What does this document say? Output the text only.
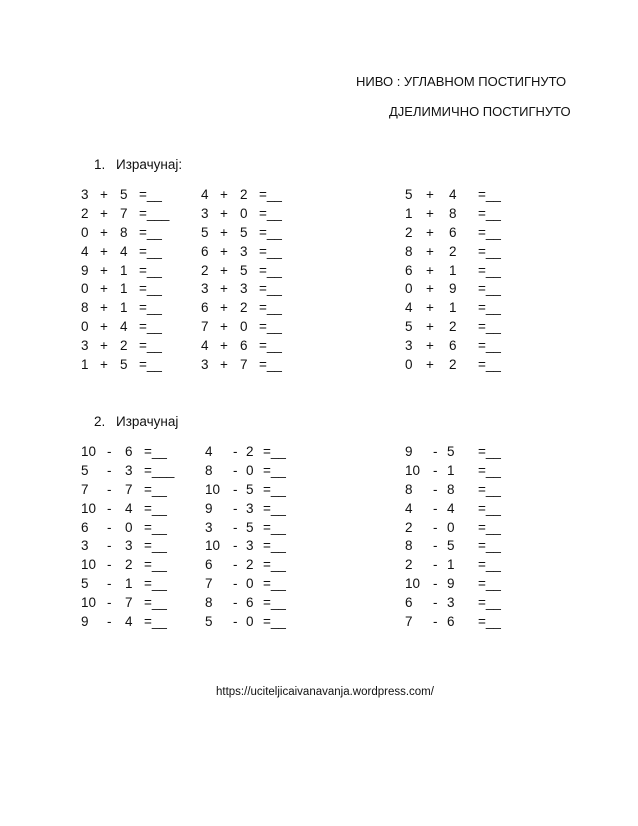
НИВО : УГЛАВНОМ ПОСТИГНУТО
ДЈЕЛИМИЧНО ПОСТИГНУТО
1. Израчунај:
3 + 5 =__
2 + 7 =___
0 + 8 =__
4 + 4 =__
9 + 1 =__
0 + 1 =__
8 + 1 =__
0 + 4 =__
3 + 2 =__
1 + 5 =__
4 + 2 =__
3 + 0 =__
5 + 5 =__
6 + 3 =__
2 + 5 =__
3 + 3 =__
6 + 2 =__
7 + 0 =__
4 + 6 =__
3 + 7 =__
5 + 4 =__
1 + 8 =__
2 + 6 =__
8 + 2 =__
6 + 1 =__
0 + 9 =__
4 + 1 =__
5 + 2 =__
3 + 6 =__
0 + 2 =__
2. Израчунај
10 - 6 =__
5 - 3 =___
7 - 7 =__
10 - 4 =__
6 - 0 =__
3 - 3 =__
10 - 2 =__
5 - 1 =__
10 - 7 =__
9 - 4 =__
4 - 2 =__
8 - 0 =__
10 - 5 =__
9 - 3 =__
3 - 5 =__
10 - 3 =__
6 - 2 =__
7 - 0 =__
8 - 6 =__
5 - 0 =__
9 - 5 =__
10 - 1 =__
8 - 8 =__
4 - 4 =__
2 - 0 =__
8 - 5 =__
2 - 1 =__
10 - 9 =__
6 - 3 =__
7 - 6 =__
https://uciteljicaivanavanja.wordpress.com/
